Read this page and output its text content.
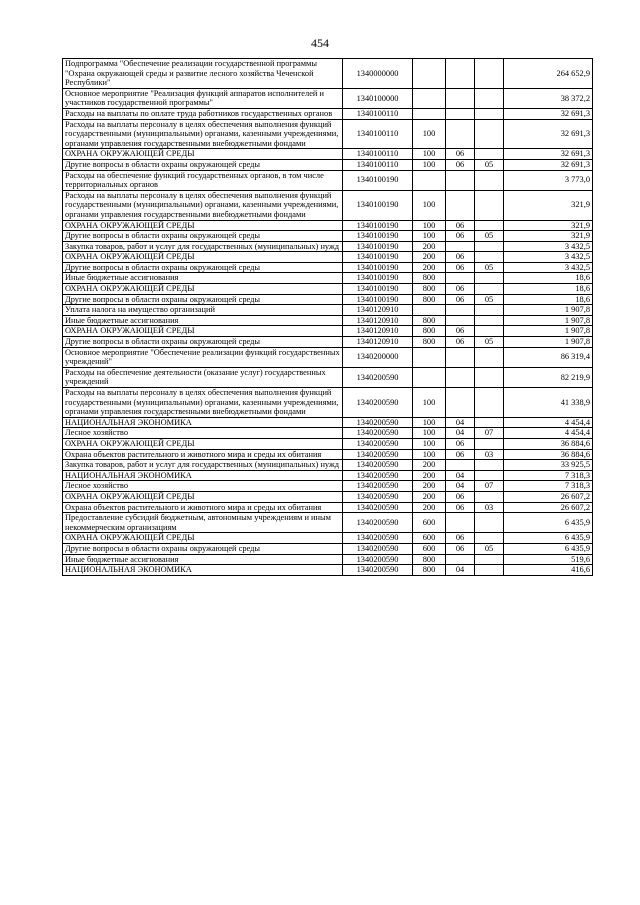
454
Подпрограмма "Обеспечение реализации государственной программы "Охрана окружающей среды и развитие лесного хозяйства Чеченской Республики"	1340000000				264 652,9
Основное мероприятие "Реализация функций аппаратов исполнителей и участников государственной программы"	1340100000				38 372,2
Расходы на выплаты по оплате труда работников государственных органов	1340100110				32 691,3
Расходы на выплаты персоналу в целях обеспечения выполнения функций государственными (муниципальными) органами, казенными учреждениями, органами управления государственными внебюджетными фондами	1340100110	100			32 691,3
ОХРАНА ОКРУЖАЮЩЕЙ СРЕДЫ	1340100110	100	06		32 691,3
Другие вопросы в области охраны окружающей среды	1340100110	100	06	05	32 691,3
Расходы на обеспечение функций государственных органов, в том числе территориальных органов	1340100190				3 773,0
Расходы на выплаты персоналу в целях обеспечения выполнения функций государственными (муниципальными) органами, казенными учреждениями, органами управления государственными внебюджетными фондами	1340100190	100			321,9
ОХРАНА ОКРУЖАЮЩЕЙ СРЕДЫ	1340100190	100	06		321,9
Другие вопросы в области охраны окружающей среды	1340100190	100	06	05	321,9
Закупка товаров, работ и услуг для государственных (муниципальных) нужд	1340100190	200			3 432,5
ОХРАНА ОКРУЖАЮЩЕЙ СРЕДЫ	1340100190	200	06		3 432,5
Другие вопросы в области охраны окружающей среды	1340100190	200	06	05	3 432,5
Иные бюджетные ассигнования	1340100190	800			18,6
ОХРАНА ОКРУЖАЮЩЕЙ СРЕДЫ	1340100190	800	06		18,6
Другие вопросы в области охраны окружающей среды	1340100190	800	06	05	18,6
Уплата налога на имущество организаций	1340120910				1 907,8
Иные бюджетные ассигнования	1340120910	800			1 907,8
ОХРАНА ОКРУЖАЮЩЕЙ СРЕДЫ	1340120910	800	06		1 907,8
Другие вопросы в области охраны окружающей среды	1340120910	800	06	05	1 907,8
Основное мероприятие "Обеспечение реализации функций государственных учреждений"	1340200000				86 319,4
Расходы на обеспечение деятельности (оказание услуг) государственных учреждений	1340200590				82 219,9
Расходы на выплаты персоналу в целях обеспечения выполнения функций государственными (муниципальными) органами, казенными учреждениями, органами управления государственными внебюджетными фондами	1340200590	100			41 338,9
НАЦИОНАЛЬНАЯ ЭКОНОМИКА	1340200590	100	04		4 454,4
Лесное хозяйство	1340200590	100	04	07	4 454,4
ОХРАНА ОКРУЖАЮЩЕЙ СРЕДЫ	1340200590	100	06		36 884,6
Охрана объектов растительного и животного мира и среды их обитания	1340200590	100	06	03	36 884,6
Закупка товаров, работ и услуг для государственных (муниципальных) нужд	1340200590	200			33 925,5
НАЦИОНАЛЬНАЯ ЭКОНОМИКА	1340200590	200	04		7 318,3
Лесное хозяйство	1340200590	200	04	07	7 318,3
ОХРАНА ОКРУЖАЮЩЕЙ СРЕДЫ	1340200590	200	06		26 607,2
Охрана объектов растительного и животного мира и среды их обитания	1340200590	200	06	03	26 607,2
Предоставление субсидий бюджетным, автономным учреждениям и иным некоммерческим организациям	1340200590	600			6 435,9
ОХРАНА ОКРУЖАЮЩЕЙ СРЕДЫ	1340200590	600	06		6 435,9
Другие вопросы в области охраны окружающей среды	1340200590	600	06	05	6 435,9
Иные бюджетные ассигнования	1340200590	800			519,6
НАЦИОНАЛЬНАЯ ЭКОНОМИКА	1340200590	800	04		416,6
